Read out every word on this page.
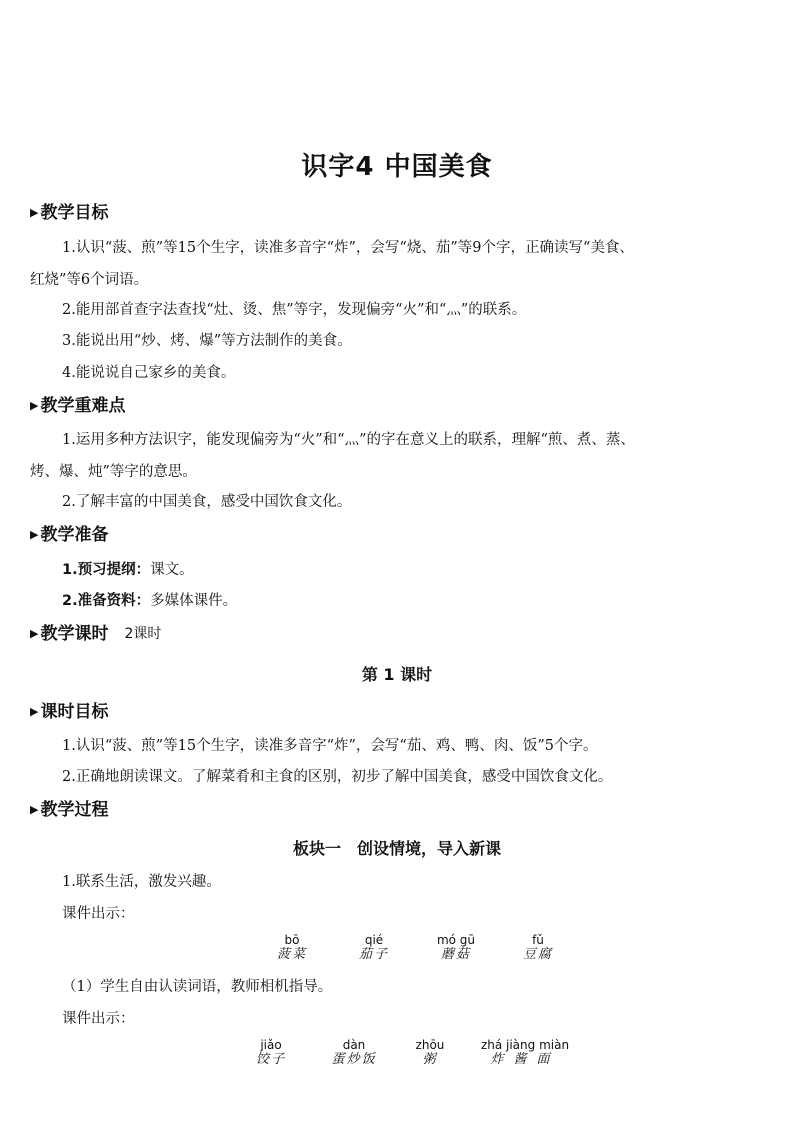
识字4 中国美食
▶ 教学目标
1.认识“菠、煎”等15个生字，读准多音字“炸”，会写“烧、茄”等9个字，正确读写“美食、
红烧”等6个词语。
2.能用部首查字法查找“灶、烫、焦”等字，发现偏旁“火”和“灬”的联系。
3.能说出用“炒、烤、爆”等方法制作的美食。
4.能说说自己家乡的美食。
▶ 教学重难点
1.运用多种方法识字，能发现偏旁为“火”和“灬”的字在意义上的联系，理解“煎、煮、蒸、
烤、爆、炖”等字的意思。
2.了解丰富的中国美食，感受中国饮食文化。
▶ 教学准备
1.预习提纲：课文。
2.准备资料：多媒体课件。
▶ 教学课时 2课时
第 1 课时
▶ 课时目标
1.认识“菠、煎”等15个生字，读准多音字“炸”，会写“茄、鸡、鸭、肉、饭”5个字。
2.正确地朗读课文。了解菜肴和主食的区别，初步了解中国美食，感受中国饮食文化。
▶ 教学过程
板块一　创设情境，导入新课
1.联系生活，激发兴趣。
课件出示：
bō
菠菜
qié
茄子
mó gū
蘑菇
fǔ
豆腐
（1）学生自由认读词语，教师相机指导。
课件出示：
jiǎo
饺子
dàn
蛋炒饭
zhōu
粥
zhá jiàng miàn
炸酱面
